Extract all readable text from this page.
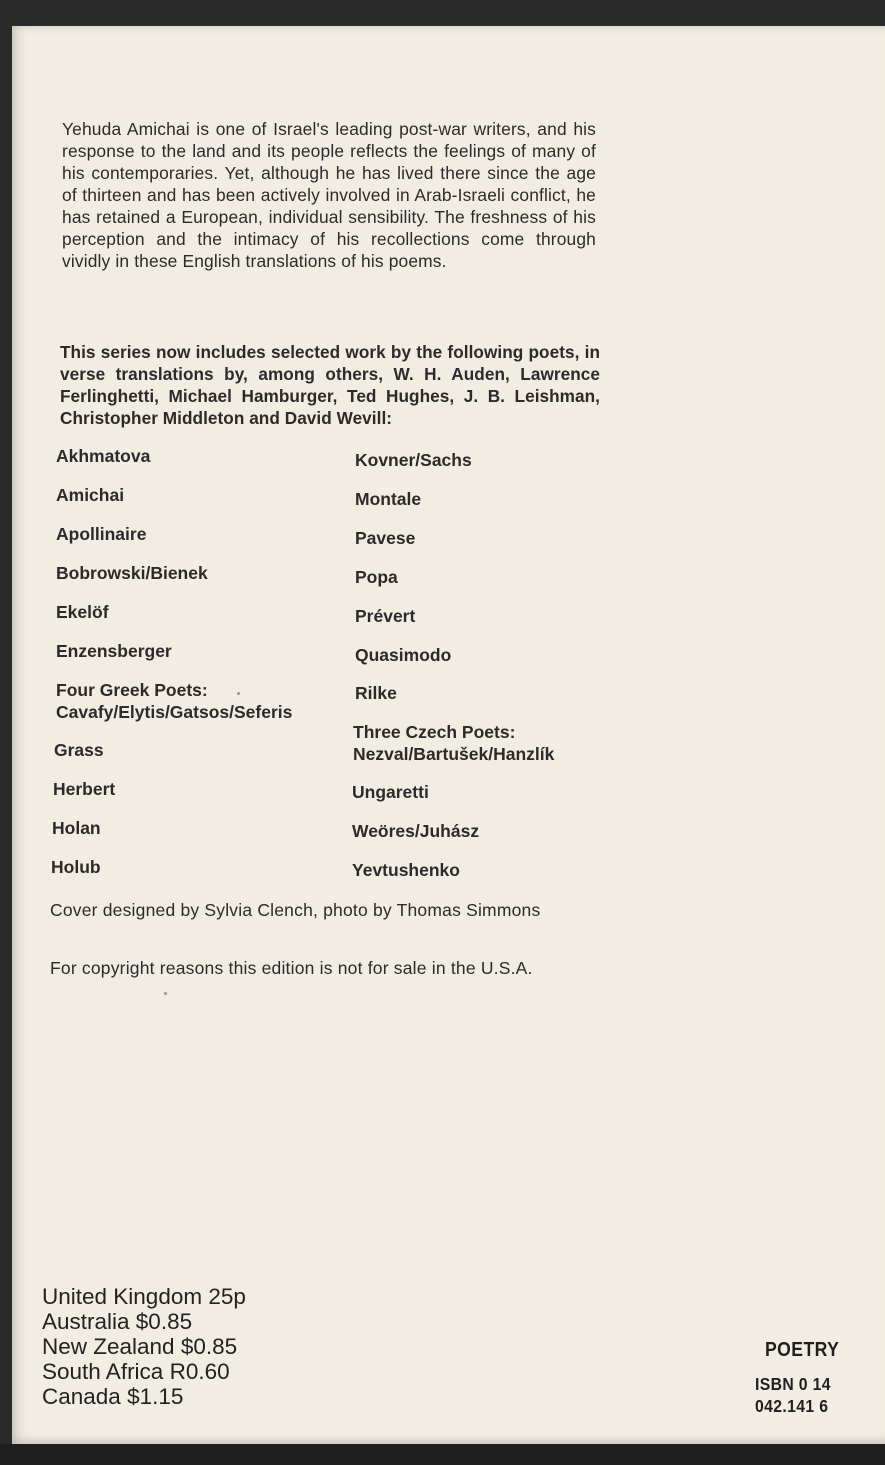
Yehuda Amichai is one of Israel's leading post-war writers, and his response to the land and its people reflects the feelings of many of his contemporaries. Yet, although he has lived there since the age of thirteen and has been actively involved in Arab-Israeli conflict, he has retained a European, individual sensibility. The freshness of his perception and the intimacy of his recollections come through vividly in these English translations of his poems.

This series now includes selected work by the following poets, in verse translations by, among others, W. H. Auden, Lawrence Ferlinghetti, Michael Hamburger, Ted Hughes, J. B. Leishman, Christopher Middleton and David Wevill:

Akhmatova
Amichai
Apollinaire
Bobrowski/Bienek
Ekelöf
Enzensberger
Four Greek Poets:
Cavafy/Elytis/Gatsos/Seferis
Grass
Herbert
Holan
Holub
Kovner/Sachs
Montale
Pavese
Popa
Prévert
Quasimodo
Rilke
Three Czech Poets:
Nezval/Bartušek/Hanzlík
Ungaretti
Weöres/Juhász
Yevtushenko

Cover designed by Sylvia Clench, photo by Thomas Simmons

For copyright reasons this edition is not for sale in the U.S.A.

United Kingdom 25p
Australia $0.85
New Zealand $0.85
South Africa R0.60
Canada $1.15
POETRY
ISBN 0 14
042.141 6
